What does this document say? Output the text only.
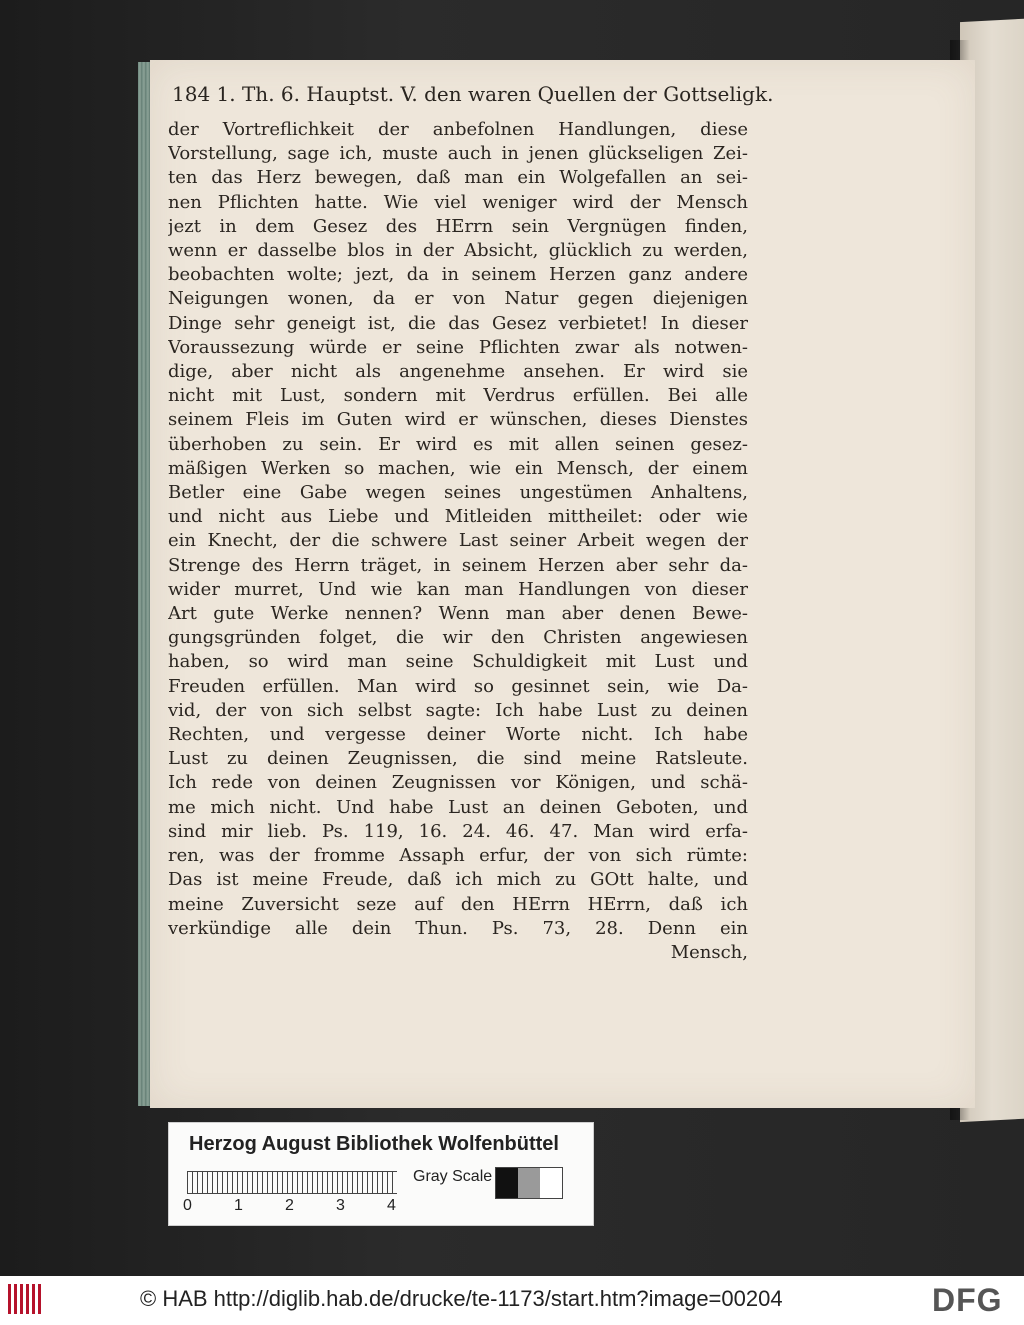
184 1. Th. 6. Hauptst. V. den waren Quellen der Gottseligk.
der Vortreflichkeit der anbefolnen Handlungen, diese
Vorstellung, sage ich, muste auch in jenen glückseligen Zei-
ten das Herz bewegen, daß man ein Wolgefallen an sei-
nen Pflichten hatte. Wie viel weniger wird der Mensch
jezt in dem Gesez des HErrn sein Vergnügen finden,
wenn er dasselbe blos in der Absicht, glücklich zu werden,
beobachten wolte; jezt, da in seinem Herzen ganz andere
Neigungen wonen, da er von Natur gegen diejenigen
Dinge sehr geneigt ist, die das Gesez verbietet! In dieser
Voraussezung würde er seine Pflichten zwar als notwen-
dige, aber nicht als angenehme ansehen. Er wird sie
nicht mit Lust, sondern mit Verdrus erfüllen. Bei alle
seinem Fleis im Guten wird er wünschen, dieses Dienstes
überhoben zu sein. Er wird es mit allen seinen gesez-
mäßigen Werken so machen, wie ein Mensch, der einem
Betler eine Gabe wegen seines ungestümen Anhaltens,
und nicht aus Liebe und Mitleiden mittheilet: oder wie
ein Knecht, der die schwere Last seiner Arbeit wegen der
Strenge des Herrn träget, in seinem Herzen aber sehr da-
wider murret, Und wie kan man Handlungen von dieser
Art gute Werke nennen? Wenn man aber denen Bewe-
gungsgründen folget, die wir den Christen angewiesen
haben, so wird man seine Schuldigkeit mit Lust und
Freuden erfüllen. Man wird so gesinnet sein, wie Da-
vid, der von sich selbst sagte: Ich habe Lust zu deinen
Rechten, und vergesse deiner Worte nicht. Ich habe
Lust zu deinen Zeugnissen, die sind meine Ratsleute.
Ich rede von deinen Zeugnissen vor Königen, und schä-
me mich nicht. Und habe Lust an deinen Geboten, und
sind mir lieb. Ps. 119, 16. 24. 46. 47. Man wird erfa-
ren, was der fromme Assaph erfur, der von sich rümte:
Das ist meine Freude, daß ich mich zu GOtt halte, und
meine Zuversicht seze auf den HErrn HErrn, daß ich
verkündige alle dein Thun. Ps. 73, 28. Denn ein
Mensch,
Herzog August Bibliothek Wolfenbüttel
0	1	2	3	4
Gray Scale
© HAB http://diglib.hab.de/drucke/te-1173/start.htm?image=00204	DFG
